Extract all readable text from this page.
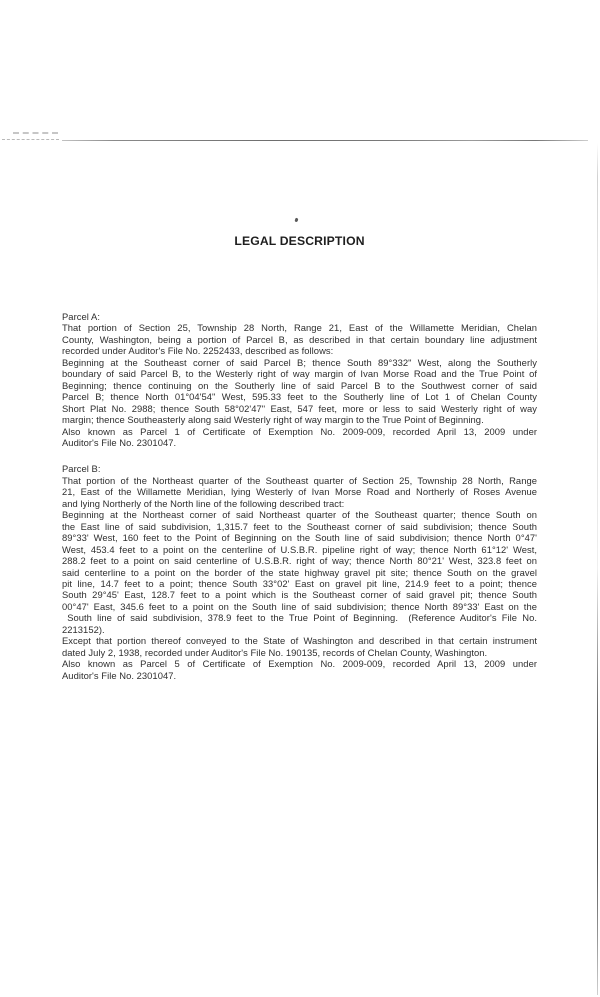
LEGAL DESCRIPTION
Parcel A:
That portion of Section 25, Township 28 North, Range 21, East of the Willamette Meridian, Chelan
County, Washington, being a portion of Parcel B, as described in that certain boundary line adjustment
recorded under Auditor's File No. 2252433, described as follows:
Beginning at the Southeast corner of said Parcel B; thence South 89°332" West, along the Southerly
boundary of said Parcel B, to the Westerly right of way margin of Ivan Morse Road and the True Point of
Beginning; thence continuing on the Southerly line of said Parcel B to the Southwest corner of said
Parcel B; thence North 01°04'54" West, 595.33 feet to the Southerly line of Lot 1 of Chelan County
Short Plat No. 2988; thence South 58°02'47" East, 547 feet, more or less to said Westerly right of way
margin; thence Southeasterly along said Westerly right of way margin to the True Point of Beginning.
Also known as Parcel 1 of Certificate of Exemption No. 2009-009, recorded April 13, 2009 under
Auditor's File No. 2301047.
Parcel B:
That portion of the Northeast quarter of the Southeast quarter of Section 25, Township 28 North, Range
21, East of the Willamette Meridian, lying Westerly of Ivan Morse Road and Northerly of Roses Avenue
and lying Northerly of the North line of the following described tract:
Beginning at the Northeast corner of said Northeast quarter of the Southeast quarter; thence South on
the East line of said subdivision, 1,315.7 feet to the Southeast corner of said subdivision; thence South
89°33' West, 160 feet to the Point of Beginning on the South line of said subdivision; thence North 0°47'
West, 453.4 feet to a point on the centerline of U.S.B.R. pipeline right of way; thence North 61°12' West,
288.2 feet to a point on said centerline of U.S.B.R. right of way; thence North 80°21' West, 323.8 feet on
said centerline to a point on the border of the state highway gravel pit site; thence South on the gravel
pit line, 14.7 feet to a point; thence South 33°02' East on gravel pit line, 214.9 feet to a point; thence
South 29°45' East, 128.7 feet to a point which is the Southeast corner of said gravel pit; thence South
00°47' East, 345.6 feet to a point on the South line of said subdivision; thence North 89°33' East on the
South line of said subdivision, 378.9 feet to the True Point of Beginning.  (Reference Auditor's File No.
2213152).
Except that portion thereof conveyed to the State of Washington and described in that certain instrument
dated July 2, 1938, recorded under Auditor's File No. 190135, records of Chelan County, Washington.
Also known as Parcel 5 of Certificate of Exemption No. 2009-009, recorded April 13, 2009 under
Auditor's File No. 2301047.
